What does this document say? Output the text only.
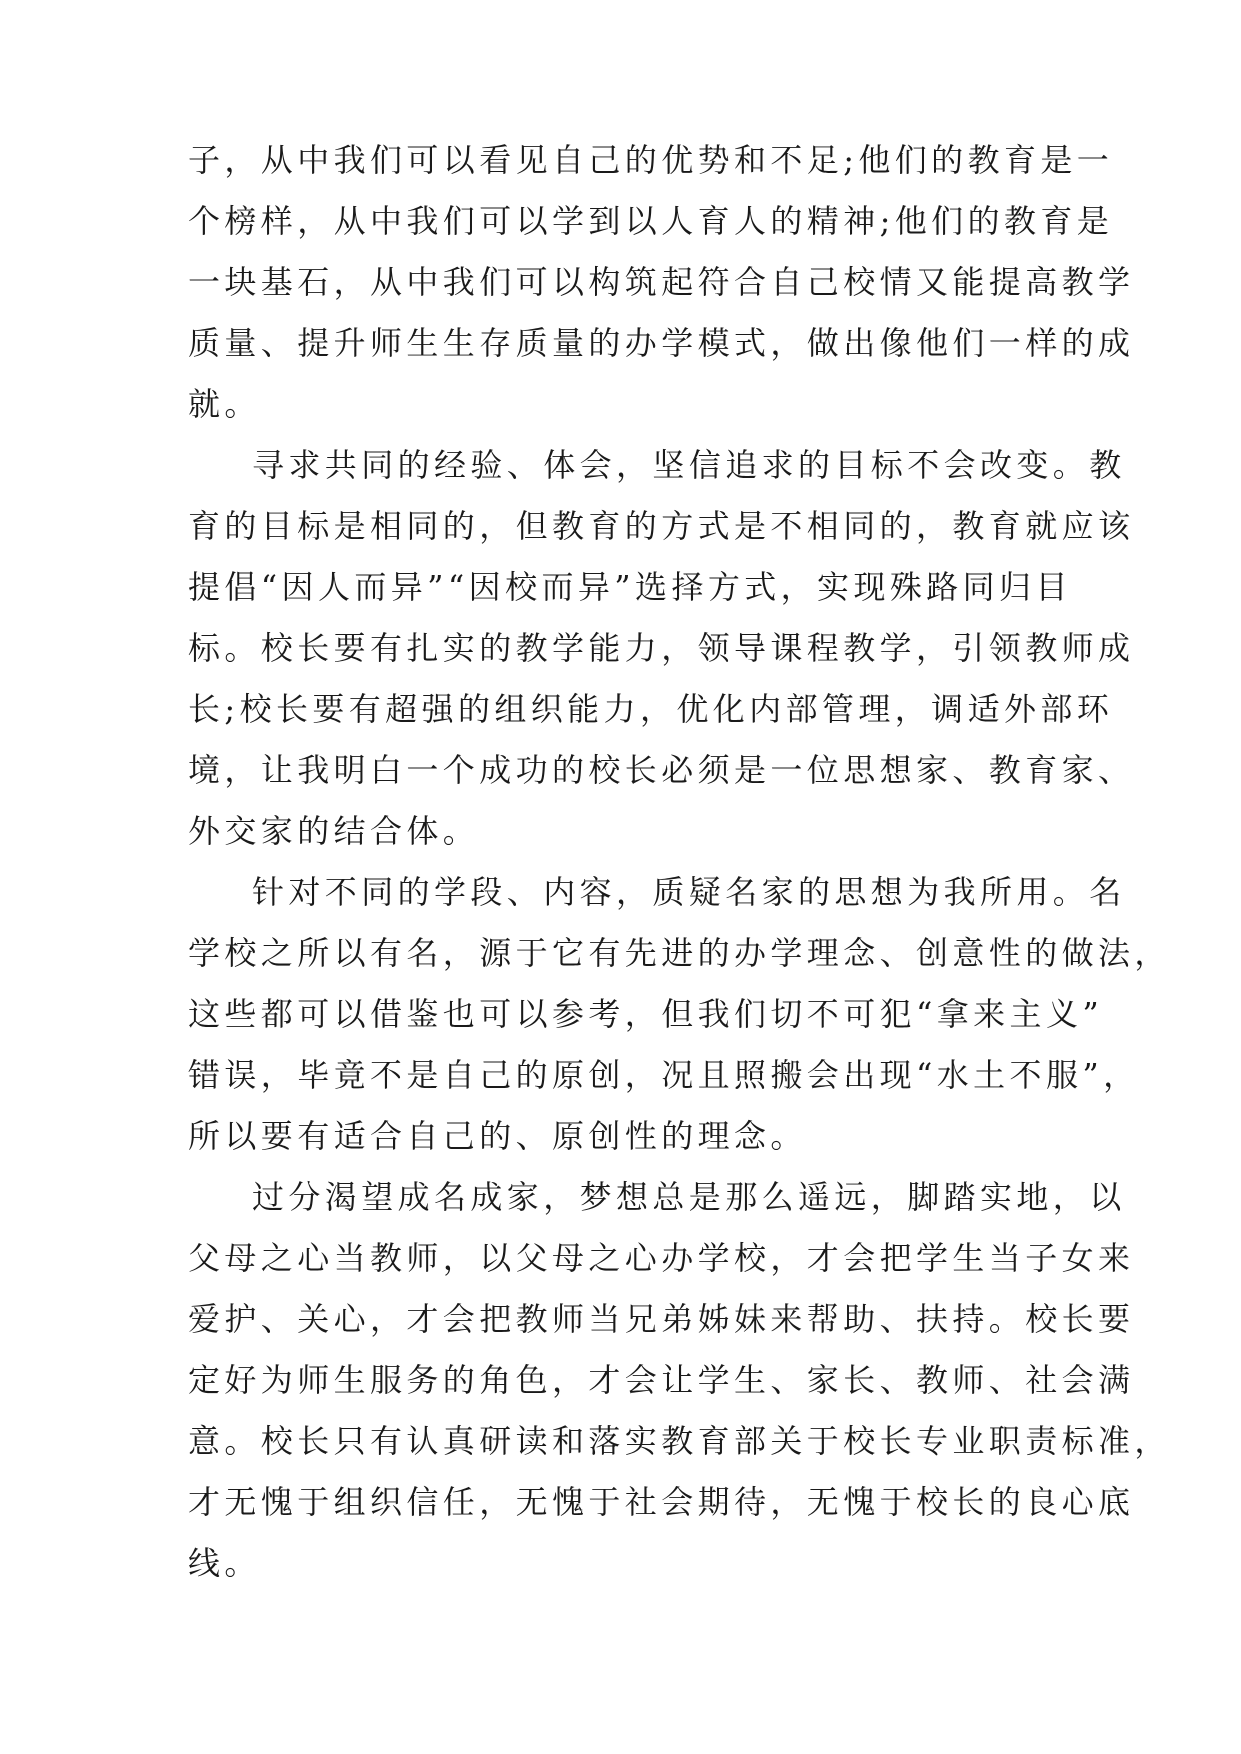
子，从中我们可以看见自己的优势和不足;他们的教育是一
个榜样，从中我们可以学到以人育人的精神;他们的教育是
一块基石，从中我们可以构筑起符合自己校情又能提高教学
质量、提升师生生存质量的办学模式，做出像他们一样的成
就。
寻求共同的经验、体会，坚信追求的目标不会改变。教
育的目标是相同的，但教育的方式是不相同的，教育就应该
提倡“因人而异”“因校而异”选择方式，实现殊路同归目
标。校长要有扎实的教学能力，领导课程教学，引领教师成
长;校长要有超强的组织能力，优化内部管理，调适外部环
境，让我明白一个成功的校长必须是一位思想家、教育家、
外交家的结合体。
针对不同的学段、内容，质疑名家的思想为我所用。名
学校之所以有名，源于它有先进的办学理念、创意性的做法，
这些都可以借鉴也可以参考，但我们切不可犯“拿来主义”
错误，毕竟不是自己的原创，况且照搬会出现“水土不服”，
所以要有适合自己的、原创性的理念。
过分渴望成名成家，梦想总是那么遥远，脚踏实地，以
父母之心当教师，以父母之心办学校，才会把学生当子女来
爱护、关心，才会把教师当兄弟姊妹来帮助、扶持。校长要
定好为师生服务的角色，才会让学生、家长、教师、社会满
意。校长只有认真研读和落实教育部关于校长专业职责标准，
才无愧于组织信任，无愧于社会期待，无愧于校长的良心底
线。
